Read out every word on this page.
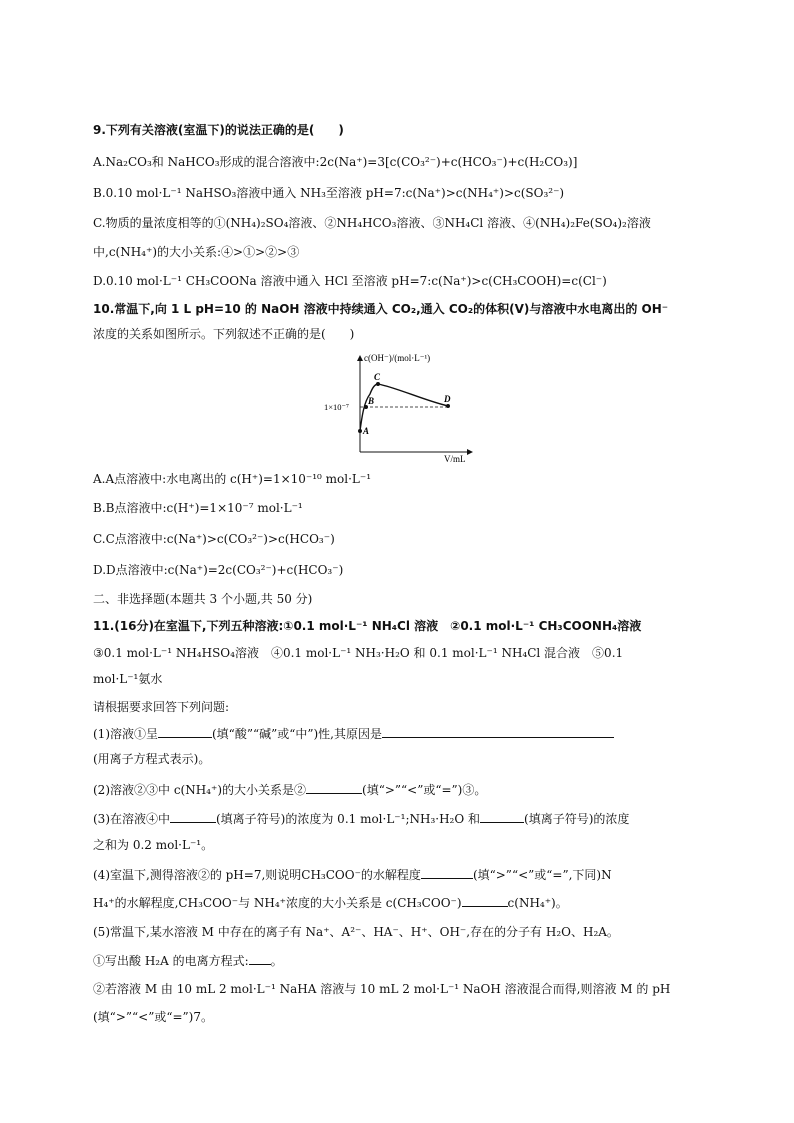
9.下列有关溶液(室温下)的说法正确的是(　　)
A.Na₂CO₃和 NaHCO₃形成的混合溶液中:2c(Na⁺)=3[c(CO₃²⁻)+c(HCO₃⁻)+c(H₂CO₃)]
B.0.10 mol·L⁻¹ NaHSO₃溶液中通入 NH₃至溶液 pH=7:c(Na⁺)>c(NH₄⁺)>c(SO₃²⁻)
C.物质的量浓度相等的①(NH₄)₂SO₄溶液、②NH₄HCO₃溶液、③NH₄Cl 溶液、④(NH₄)₂Fe(SO₄)₂溶液
中,c(NH₄⁺)的大小关系:④>①>②>③
D.0.10 mol·L⁻¹ CH₃COONa 溶液中通入 HCl 至溶液 pH=7:c(Na⁺)>c(CH₃COOH)=c(Cl⁻)
10.常温下,向 1 L pH=10 的 NaOH 溶液中持续通入 CO₂,通入 CO₂的体积(V)与溶液中水电离出的 OH⁻
浓度的关系如图所示。下列叙述不正确的是(　　)
c(OH⁻)/(mol·L⁻¹)
V/mL
1×10⁻⁷
A
B
C
D
A.A点溶液中:水电离出的 c(H⁺)=1×10⁻¹⁰ mol·L⁻¹
B.B点溶液中:c(H⁺)=1×10⁻⁷ mol·L⁻¹
C.C点溶液中:c(Na⁺)>c(CO₃²⁻)>c(HCO₃⁻)
D.D点溶液中:c(Na⁺)=2c(CO₃²⁻)+c(HCO₃⁻)
二、非选择题(本题共 3 个小题,共 50 分)
11.(16分)在室温下,下列五种溶液:①0.1 mol·L⁻¹ NH₄Cl 溶液　②0.1 mol·L⁻¹ CH₃COONH₄溶液
③0.1 mol·L⁻¹ NH₄HSO₄溶液　④0.1 mol·L⁻¹ NH₃·H₂O 和 0.1 mol·L⁻¹ NH₄Cl 混合液　⑤0.1
mol·L⁻¹氨水
请根据要求回答下列问题:
(1)溶液①呈	(填“酸”“碱”或“中”)性,其原因是
(用离子方程式表示)。
(2)溶液②③中 c(NH₄⁺)的大小关系是②	(填“>”“<”或“=”)③。
(3)在溶液④中	(填离子符号)的浓度为 0.1 mol·L⁻¹;NH₃·H₂O 和	(填离子符号)的浓度
之和为 0.2 mol·L⁻¹。
(4)室温下,测得溶液②的 pH=7,则说明CH₃COO⁻的水解程度	(填“>”“<”或“=”,下同)N
H₄⁺的水解程度,CH₃COO⁻与 NH₄⁺浓度的大小关系是 c(CH₃COO⁻)	c(NH₄⁺)。
(5)常温下,某水溶液 M 中存在的离子有 Na⁺、A²⁻、HA⁻、H⁺、OH⁻,存在的分子有 H₂O、H₂A。
①写出酸 H₂A 的电离方程式: 。
②若溶液 M 由 10 mL 2 mol·L⁻¹ NaHA 溶液与 10 mL 2 mol·L⁻¹ NaOH 溶液混合而得,则溶液 M 的 pH
(填“>”“<”或“=”)7。
